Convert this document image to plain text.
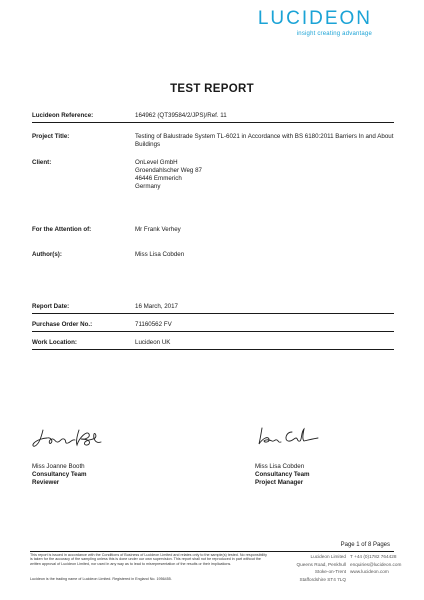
LUCIDEON
insight creating advantage
TEST REPORT
Lucideon Reference:	164962 (QT39584/2/JPS)/Ref. 11
Project Title:	Testing of Balustrade System TL-6021 in Accordance with BS 6180:2011 Barriers In and About Buildings
Client:	OnLevel GmbH
Groendahlscher Weg 87
46446 Emmerich
Germany
For the Attention of:	Mr Frank Verhey
Author(s):	Miss Lisa Cobden
Report Date:	16 March, 2017
Purchase Order No.:	71160562 FV
Work Location:	Lucideon UK
Miss Joanne Booth
Consultancy Team
Reviewer
Miss Lisa Cobden
Consultancy Team
Project Manager
Page 1 of 8 Pages
This report is issued in accordance with the Conditions of Business of Lucideon Limited and relates only to the sample(s) tested. No responsibility is taken for the accuracy of the sampling unless this is done under our own supervision. This report shall not be reproduced in part without the written approval of Lucideon Limited, nor used in any way as to lead to misrepresentation of the results or their implications.
Lucideon is the trading name of Lucideon Limited. Registered in England No. 1956455.
Lucideon Limited
Queens Road, Penkhull
Stoke-on-Trent
Staffordshire ST4 7LQ
T +44 (0)1782 764428
enquiries@lucideon.com
www.lucideon.com
